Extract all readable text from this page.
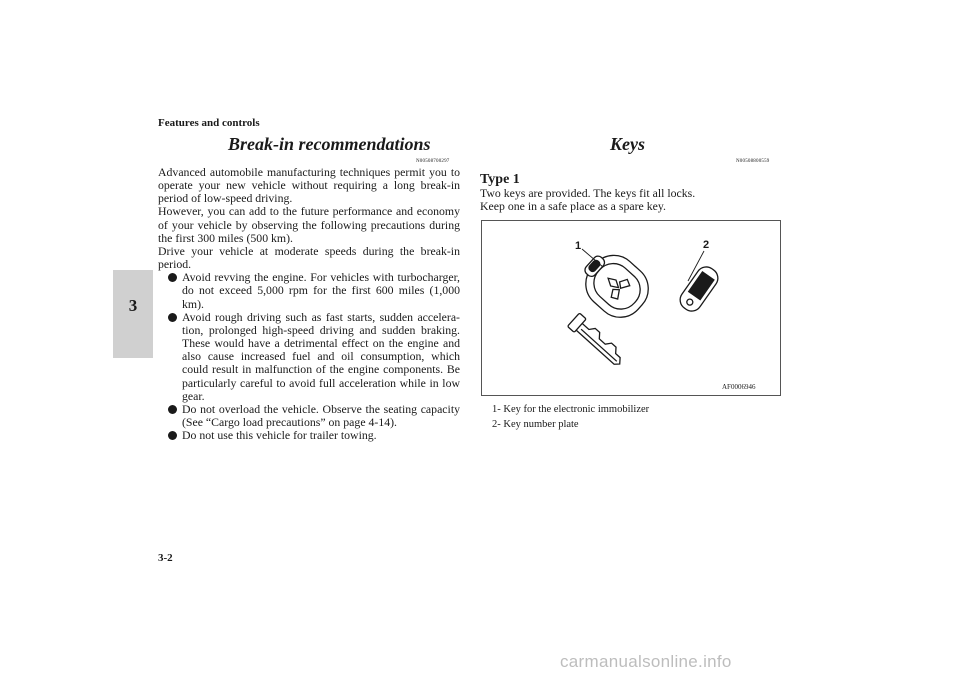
Features and controls
3
Break-in recommendations
N00508700297
Advanced automobile manufacturing techniques permit you to operate your new vehicle without requiring a long break-in period of low-speed driving.
However, you can add to the future performance and economy of your vehicle by observing the following precautions during the first 300 miles (500 km).
Drive your vehicle at moderate speeds during the break-in period.
Avoid revving the engine. For vehicles with turbocharger, do not exceed 5,000 rpm for the first 600 miles (1,000 km).
Avoid rough driving such as fast starts, sudden accelera-tion, prolonged high-speed driving and sudden braking. These would have a detrimental effect on the engine and also cause increased fuel and oil consumption, which could result in malfunction of the engine components. Be particularly careful to avoid full acceleration while in low gear.
Do not overload the vehicle. Observe the seating capacity (See “Cargo load precautions” on page 4-14).
Do not use this vehicle for trailer towing.
Keys
N00508800559
Type 1
Two keys are provided. The keys fit all locks.
Keep one in a safe place as a spare key.
1	2
AF0006946
1- Key for the electronic immobilizer
2- Key number plate
3-2
carmanualsonline.info
